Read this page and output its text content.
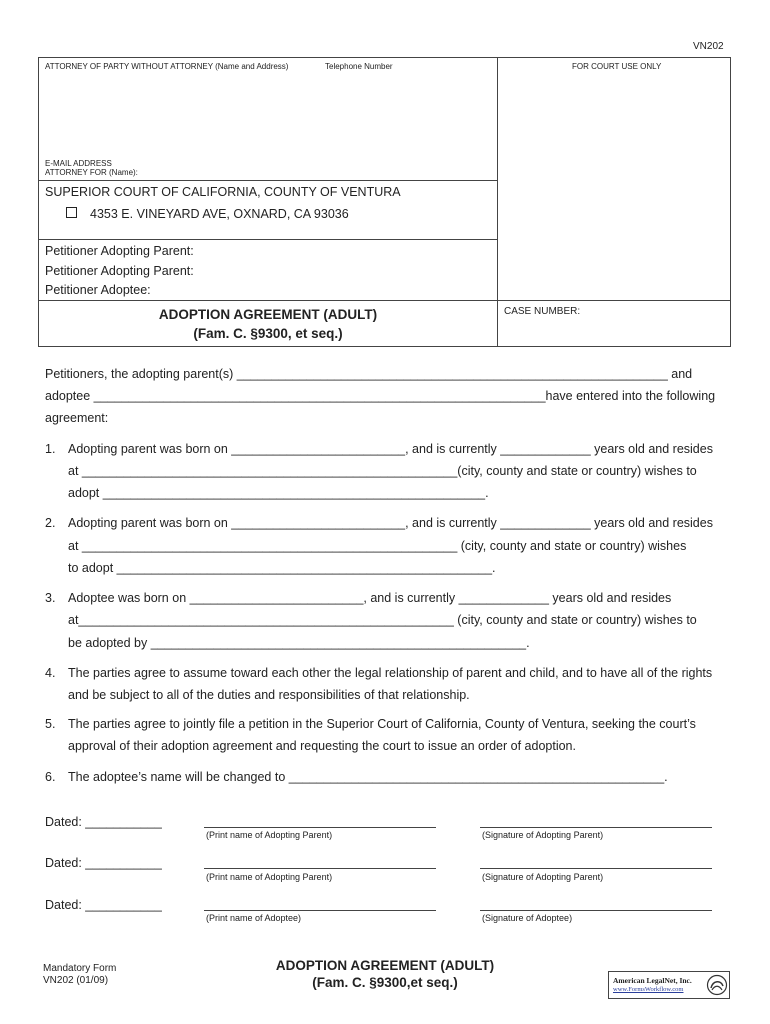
VN202
ATTORNEY OF PARTY WITHOUT ATTORNEY (Name and Address)	Telephone Number	FOR COURT USE ONLY
E-MAIL ADDRESS
ATTORNEY FOR (Name):
SUPERIOR COURT OF CALIFORNIA, COUNTY OF VENTURA
4353 E. VINEYARD AVE, OXNARD, CA 93036
Petitioner Adopting Parent:
Petitioner Adopting Parent:
Petitioner Adoptee:
ADOPTION AGREEMENT (ADULT)
(Fam. C. §9300, et seq.)
CASE NUMBER:
Petitioners, the adopting parent(s) ______________________________________________________________ and
adoptee _________________________________________________________________have entered into the following
agreement:
1. Adopting parent was born on _________________________, and is currently _____________ years old and resides
at ______________________________________________________(city, county and state or country) wishes to
adopt _______________________________________________________.
2. Adopting parent was born on _________________________, and is currently _____________ years old and resides
at ______________________________________________________ (city, county and state or country) wishes
to adopt ______________________________________________________.
3. Adoptee was born on _________________________, and is currently _____________ years old and resides
at______________________________________________________ (city, county and state or country) wishes to
be adopted by ______________________________________________________.
4. The parties agree to assume toward each other the legal relationship of parent and child, and to have all of the rights
and be subject to all of the duties and responsibilities of that relationship.
5. The parties agree to jointly file a petition in the Superior Court of California, County of Ventura, seeking the court’s
approval of their adoption agreement and requesting the court to issue an order of adoption.
6. The adoptee’s name will be changed to ______________________________________________________.
Dated: ___________
(Print name of Adopting Parent)	(Signature of Adopting Parent)
Dated: ___________
(Print name of Adopting Parent)	(Signature of Adopting Parent)
Dated: ___________
(Print name of Adoptee)	(Signature of Adoptee)
Mandatory Form
VN202 (01/09)
ADOPTION AGREEMENT (ADULT)
(Fam. C. §9300,et seq.)	American LegalNet, Inc.
www.FormsWorkflow.com
